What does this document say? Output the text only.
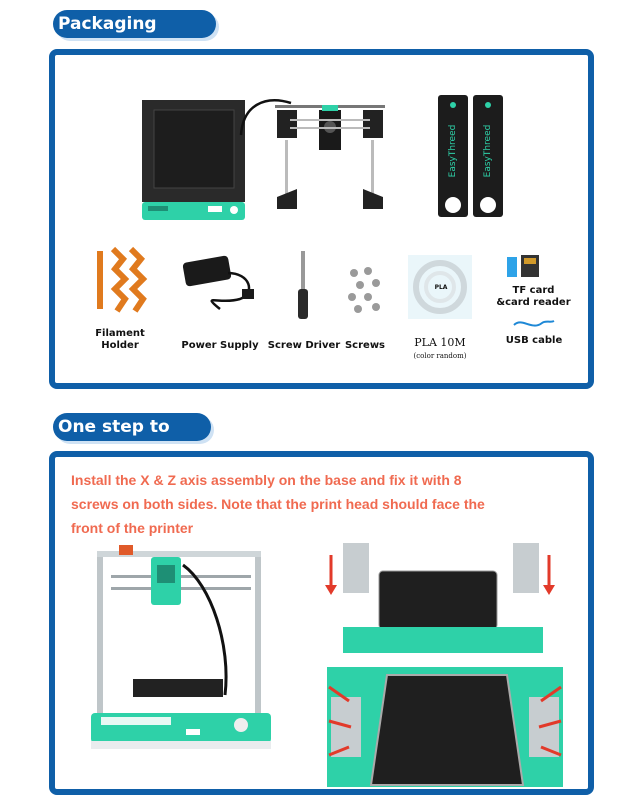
Packaging
EasyThreed	EasyThreed
Filament
Holder	Power Supply Screw Driver Screws
PLA
PLA 10M
(color random)
TF card
&card reader
USB cable
One step to
Install the X & Z axis assembly on the base and fix it with 8 screws on both sides. Note that the print head should face the front of the printer
